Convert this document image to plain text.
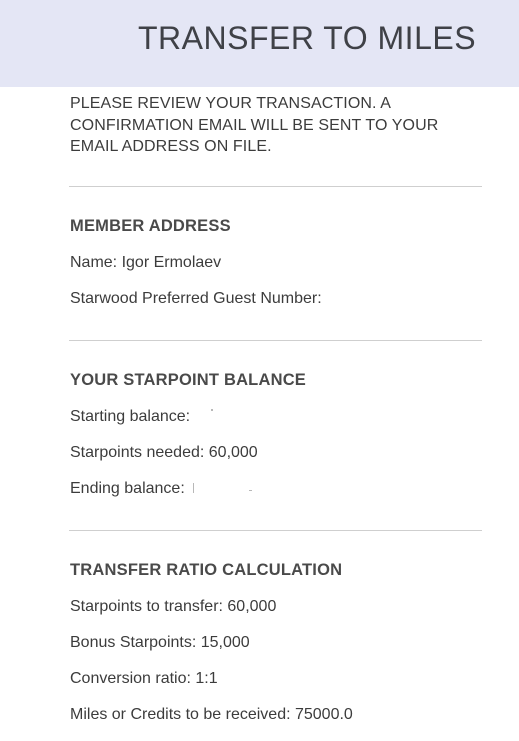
TRANSFER TO MILES

PLEASE REVIEW YOUR TRANSACTION. A CONFIRMATION EMAIL WILL BE SENT TO YOUR EMAIL ADDRESS ON FILE.

MEMBER ADDRESS
Name: Igor Ermolaev
Starwood Preferred Guest Number:
YOUR STARPOINT BALANCE
Starting balance:
Starpoints needed: 60,000
Ending balance:
TRANSFER RATIO CALCULATION
Starpoints to transfer: 60,000
Bonus Starpoints: 15,000
Conversion ratio: 1:1
Miles or Credits to be received: 75000.0
